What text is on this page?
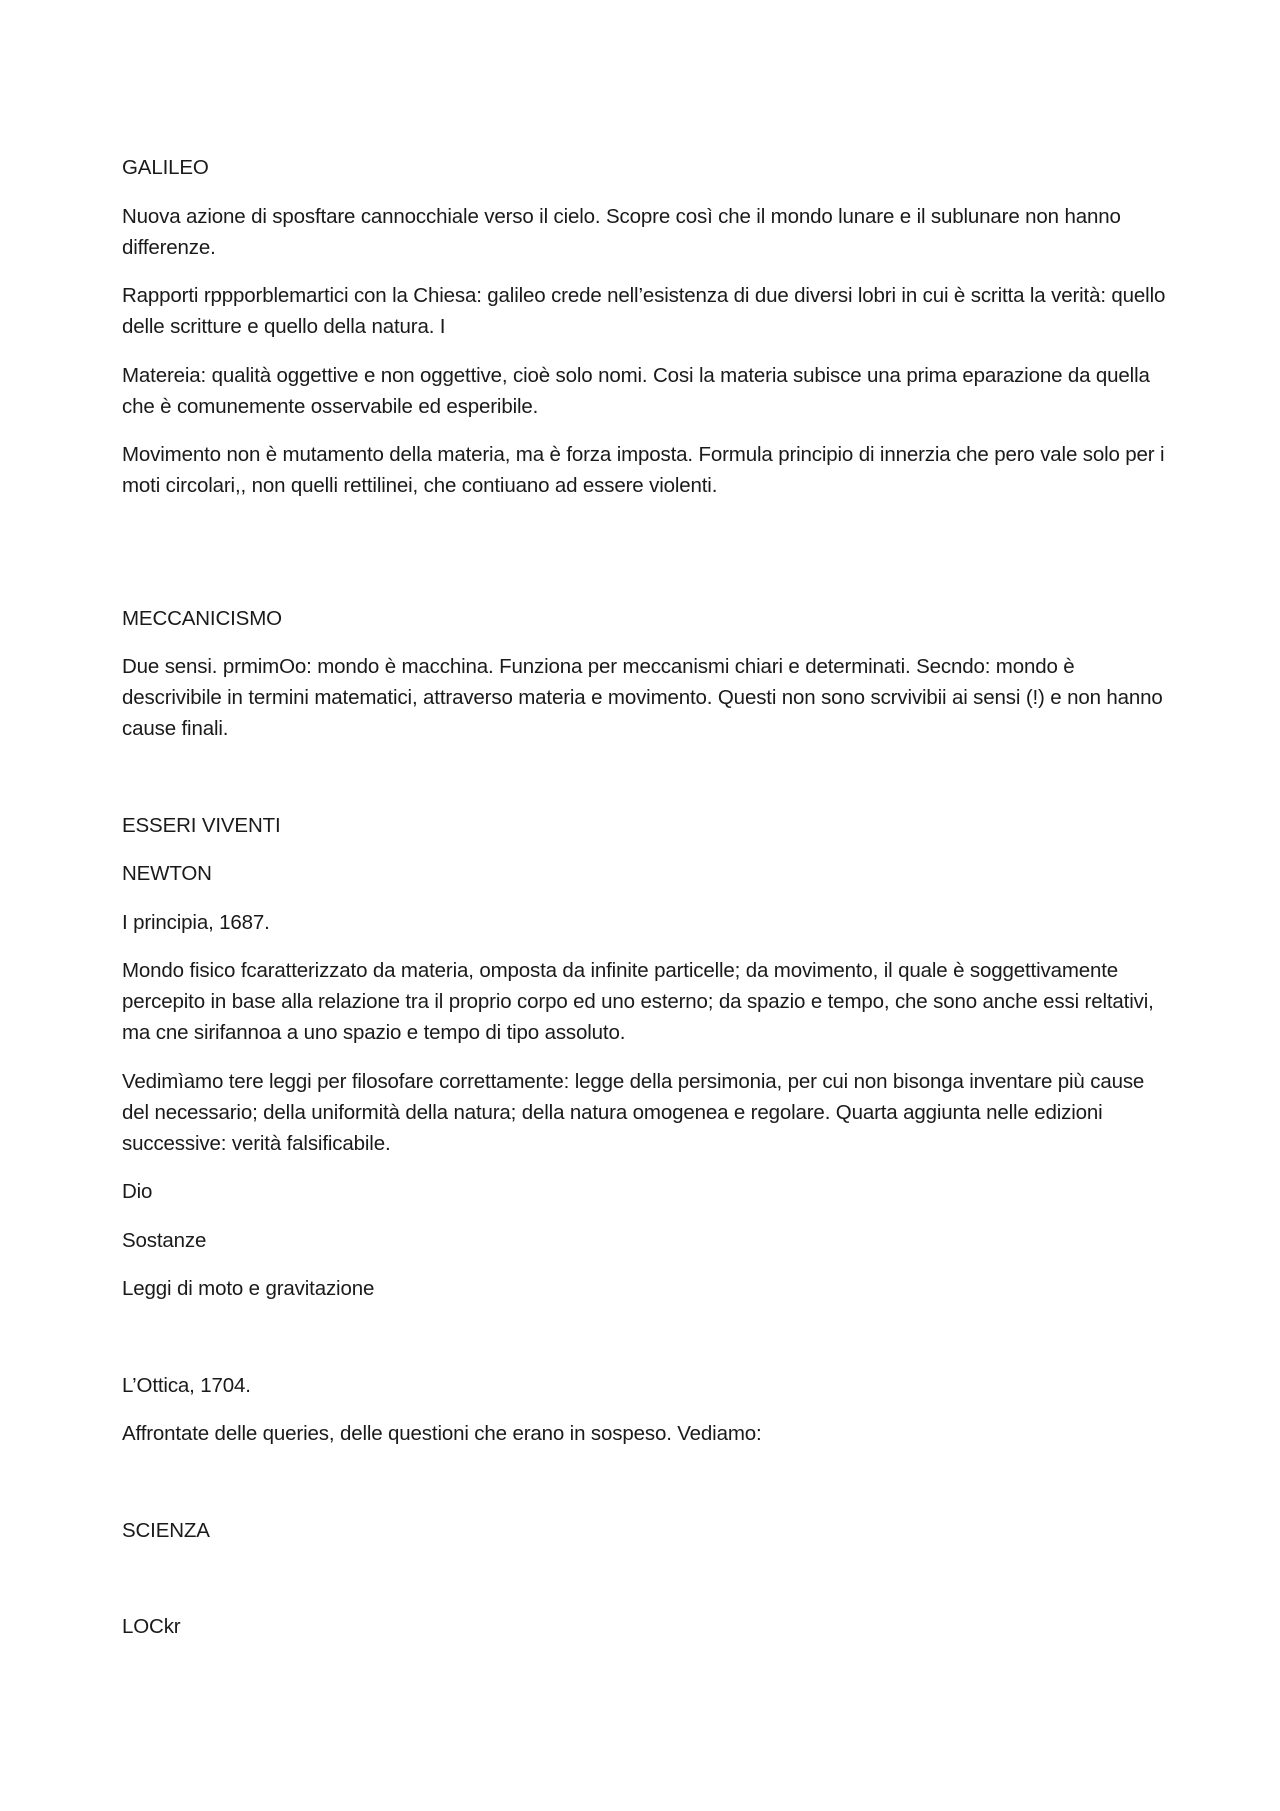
GALILEO

Nuova azione di sposftare cannocchiale verso il cielo. Scopre così che il mondo lunare e il sublunare non hanno differenze.

Rapporti rppporblemartici con la Chiesa: galileo crede nell’esistenza di due diversi lobri in cui è scritta la verità: quello delle scritture e quello della natura. I

Matereia: qualità oggettive e non oggettive, cioè solo nomi. Cosi la materia subisce una prima eparazione da quella che è comunemente osservabile ed esperibile.

Movimento non è mutamento della materia, ma è forza imposta. Formula principio di innerzia che pero vale solo per i moti circolari,, non quelli rettilinei, che contiuano ad essere violenti.

MECCANICISMO

Due sensi. prmimOo: mondo è macchina. Funziona per meccanismi chiari e determinati. Secndo: mondo è descrivibile in termini matematici, attraverso materia e movimento. Questi non sono scrvivibii ai sensi (!) e non hanno cause finali.

ESSERI VIVENTI

NEWTON

I principia, 1687.

Mondo fisico fcaratterizzato da materia, omposta da infinite particelle; da movimento, il quale è soggettivamente percepito in base alla relazione tra il proprio corpo ed uno esterno; da spazio e tempo, che sono anche essi reltativi, ma cne sirifannoa a uno spazio e tempo di tipo assoluto.

Vedimìamo tere leggi per filosofare correttamente: legge della persimonia, per cui non bisonga inventare più cause del necessario; della uniformità della natura; della natura omogenea e regolare. Quarta aggiunta nelle edizioni successive: verità falsificabile.

Dio

Sostanze

Leggi di moto e gravitazione

L’Ottica, 1704.

Affrontate delle queries, delle questioni che erano in sospeso. Vediamo:

SCIENZA

LOCkr
